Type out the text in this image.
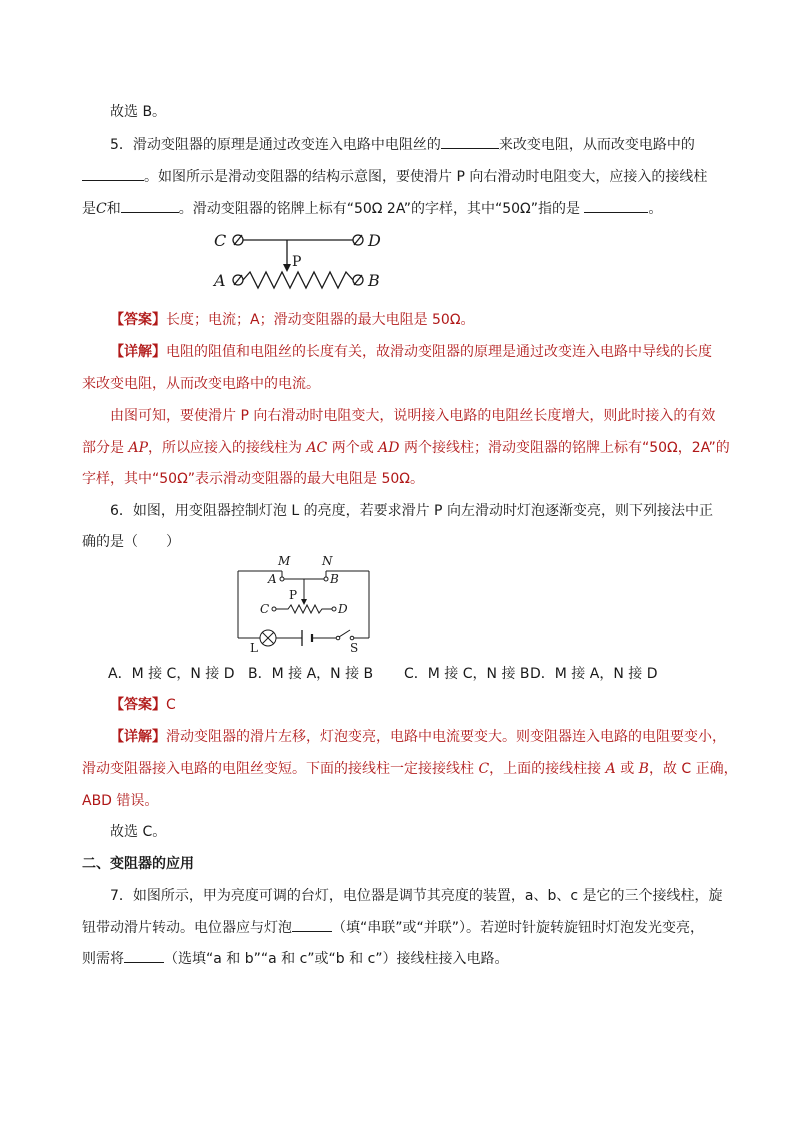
故选 B。
5．滑动变阻器的原理是通过改变连入电路中电阻丝的	来改变电阻，从而改变电路中的
。如图所示是滑动变阻器的结构示意图，要使滑片 P 向右滑动时电阻变大，应接入的接线柱
是C和	。滑动变阻器的铭牌上标有“50Ω 2A”的字样，其中“50Ω”指的是	。
C	D
P
A	B
【答案】长度；电流；A；滑动变阻器的最大电阻是 50Ω。
【详解】电阻的阻值和电阻丝的长度有关，故滑动变阻器的原理是通过改变连入电路中导线的长度
来改变电阻，从而改变电路中的电流。
由图可知，要使滑片 P 向右滑动时电阻变大，说明接入电路的电阻丝长度增大，则此时接入的有效
部分是 AP，所以应接入的接线柱为 AC 两个或 AD 两个接线柱；滑动变阻器的铭牌上标有“50Ω，2A”的
字样，其中“50Ω”表示滑动变阻器的最大电阻是 50Ω。
6．如图，用变阻器控制灯泡 L 的亮度，若要求滑片 P 向左滑动时灯泡逐渐变亮，则下列接法中正
确的是（　　）
M	N
A	B
C	D
P
L	S
A．M 接 C，N 接 D B．M 接 A，N 接 B C．M 接 C，N 接 B D．M 接 A，N 接 D
【答案】C
【详解】滑动变阻器的滑片左移，灯泡变亮，电路中电流要变大。则变阻器连入电路的电阻要变小，
滑动变阻器接入电路的电阻丝变短。下面的接线柱一定接接线柱 C，上面的接线柱接 A 或 B，故 C 正确，
ABD 错误。
故选 C。
二、变阻器的应用
7．如图所示，甲为亮度可调的台灯，电位器是调节其亮度的装置，a、b、c 是它的三个接线柱，旋
钮带动滑片转动。电位器应与灯泡	（填“串联”或“并联”）。若逆时针旋转旋钮时灯泡发光变亮，
则需将	（选填“a 和 b”“a 和 c”或“b 和 c”）接线柱接入电路。
